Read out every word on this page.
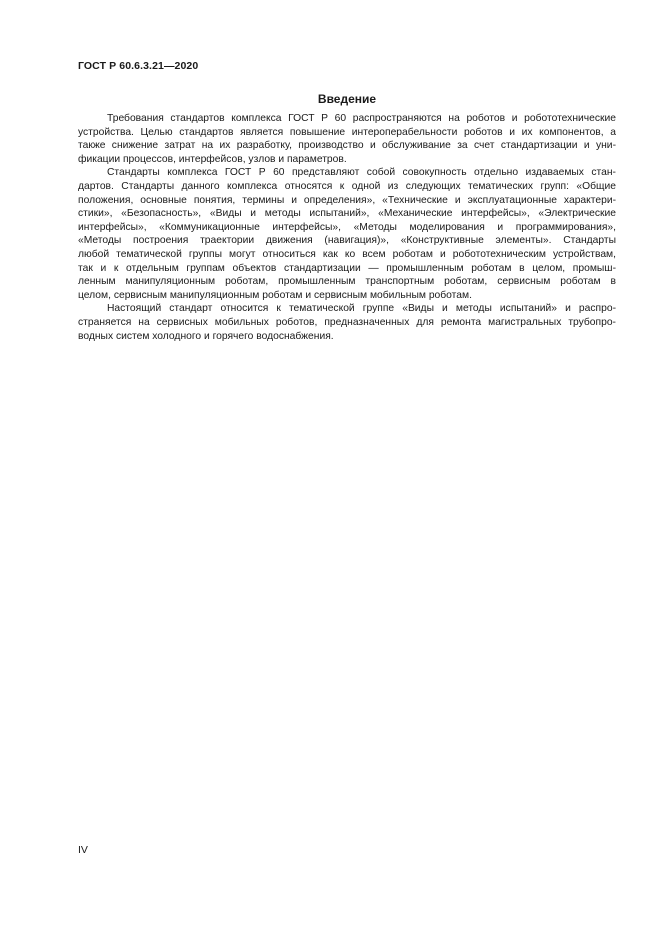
ГОСТ Р 60.6.3.21—2020
Введение
Требования стандартов комплекса ГОСТ Р 60 распространяются на роботов и робототехнические
устройства. Целью стандартов является повышение интероперабельности роботов и их компонентов, а
также снижение затрат на их разработку, производство и обслуживание за счет стандартизации и уни-
фикации процессов, интерфейсов, узлов и параметров.
Стандарты комплекса ГОСТ Р 60 представляют собой совокупность отдельно издаваемых стан-
дартов. Стандарты данного комплекса относятся к одной из следующих тематических групп: «Общие
положения, основные понятия, термины и определения», «Технические и эксплуатационные характери-
стики», «Безопасность», «Виды и методы испытаний», «Механические интерфейсы», «Электрические
интерфейсы», «Коммуникационные интерфейсы», «Методы моделирования и программирования»,
«Методы построения траектории движения (навигация)», «Конструктивные элементы». Стандарты
любой тематической группы могут относиться как ко всем роботам и робототехническим устройствам,
так и к отдельным группам объектов стандартизации — промышленным роботам в целом, промыш-
ленным манипуляционным роботам, промышленным транспортным роботам, сервисным роботам в
целом, сервисным манипуляционным роботам и сервисным мобильным роботам.
Настоящий стандарт относится к тематической группе «Виды и методы испытаний» и распро-
страняется на сервисных мобильных роботов, предназначенных для ремонта магистральных трубопро-
водных систем холодного и горячего водоснабжения.
IV
